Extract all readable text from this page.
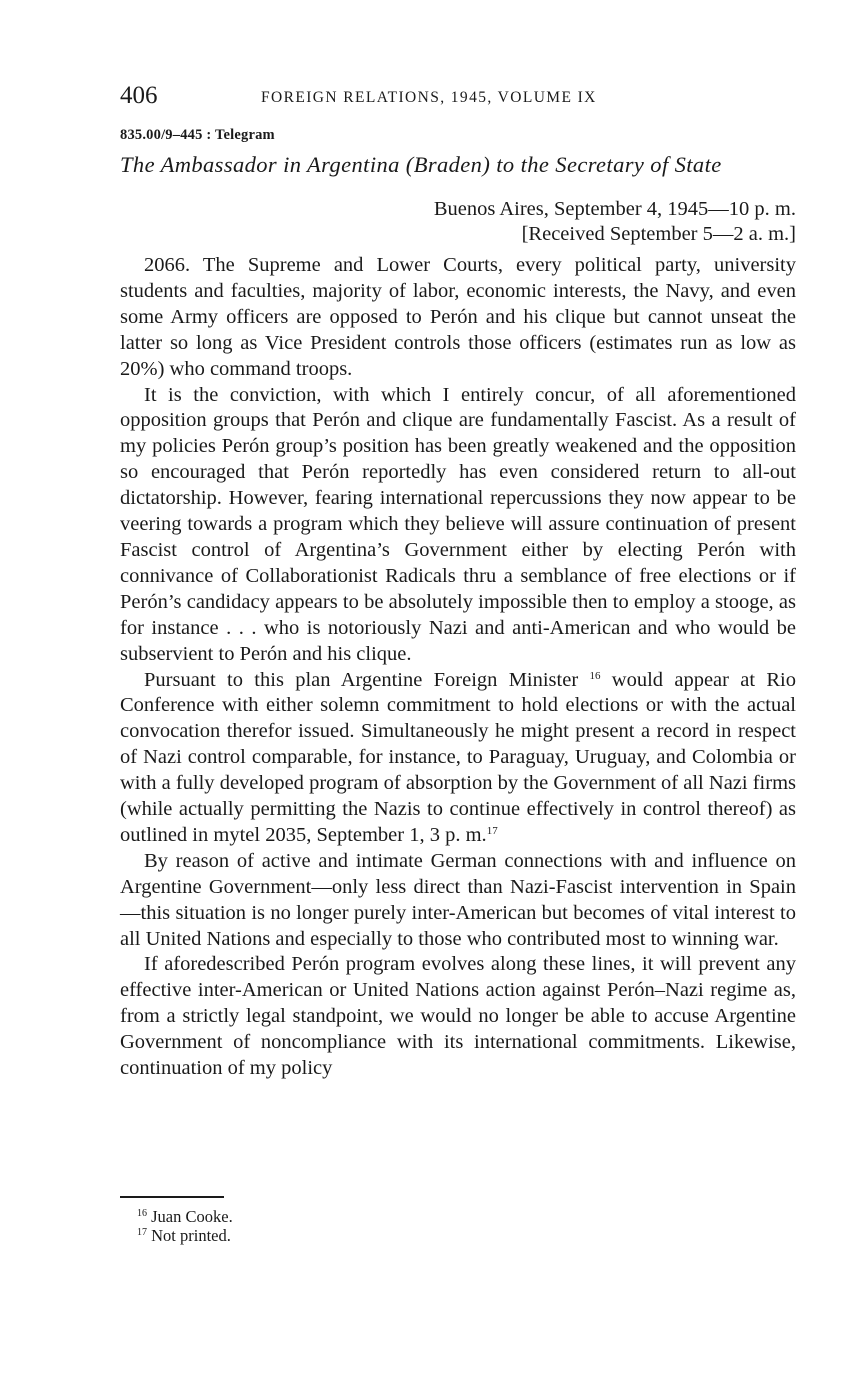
406	FOREIGN RELATIONS, 1945, VOLUME IX
835.00/9–445 : Telegram
The Ambassador in Argentina (Braden) to the Secretary of State
Buenos Aires, September 4, 1945—10 p. m.
[Received September 5—2 a. m.]

2066. The Supreme and Lower Courts, every political party, university students and faculties, majority of labor, economic interests, the Navy, and even some Army officers are opposed to Perón and his clique but cannot unseat the latter so long as Vice President controls those officers (estimates run as low as 20%) who command troops.

It is the conviction, with which I entirely concur, of all aforementioned opposition groups that Perón and clique are fundamentally Fascist. As a result of my policies Perón group’s position has been greatly weakened and the opposition so encouraged that Perón reportedly has even considered return to all-out dictatorship. However, fearing international repercussions they now appear to be veering towards a program which they believe will assure continuation of present Fascist control of Argentina’s Government either by electing Perón with connivance of Collaborationist Radicals thru a semblance of free elections or if Perón’s candidacy appears to be absolutely impossible then to employ a stooge, as for instance . . . who is notoriously Nazi and anti-American and who would be subservient to Perón and his clique.

Pursuant to this plan Argentine Foreign Minister $^{16}$ would appear at Rio Conference with either solemn commitment to hold elections or with the actual convocation therefor issued. Simultaneously he might present a record in respect of Nazi control comparable, for instance, to Paraguay, Uruguay, and Colombia or with a fully developed program of absorption by the Government of all Nazi firms (while actually permitting the Nazis to continue effectively in control thereof) as outlined in mytel 2035, September 1, 3 p. m.$^{17}$

By reason of active and intimate German connections with and influence on Argentine Government—only less direct than Nazi-Fascist intervention in Spain—this situation is no longer purely inter-American but becomes of vital interest to all United Nations and especially to those who contributed most to winning war.

If aforedescribed Perón program evolves along these lines, it will prevent any effective inter-American or United Nations action against Perón–Nazi regime as, from a strictly legal standpoint, we would no longer be able to accuse Argentine Government of noncompliance with its international commitments. Likewise, continuation of my policy

$^{16}$ Juan Cooke.
$^{17}$ Not printed.
